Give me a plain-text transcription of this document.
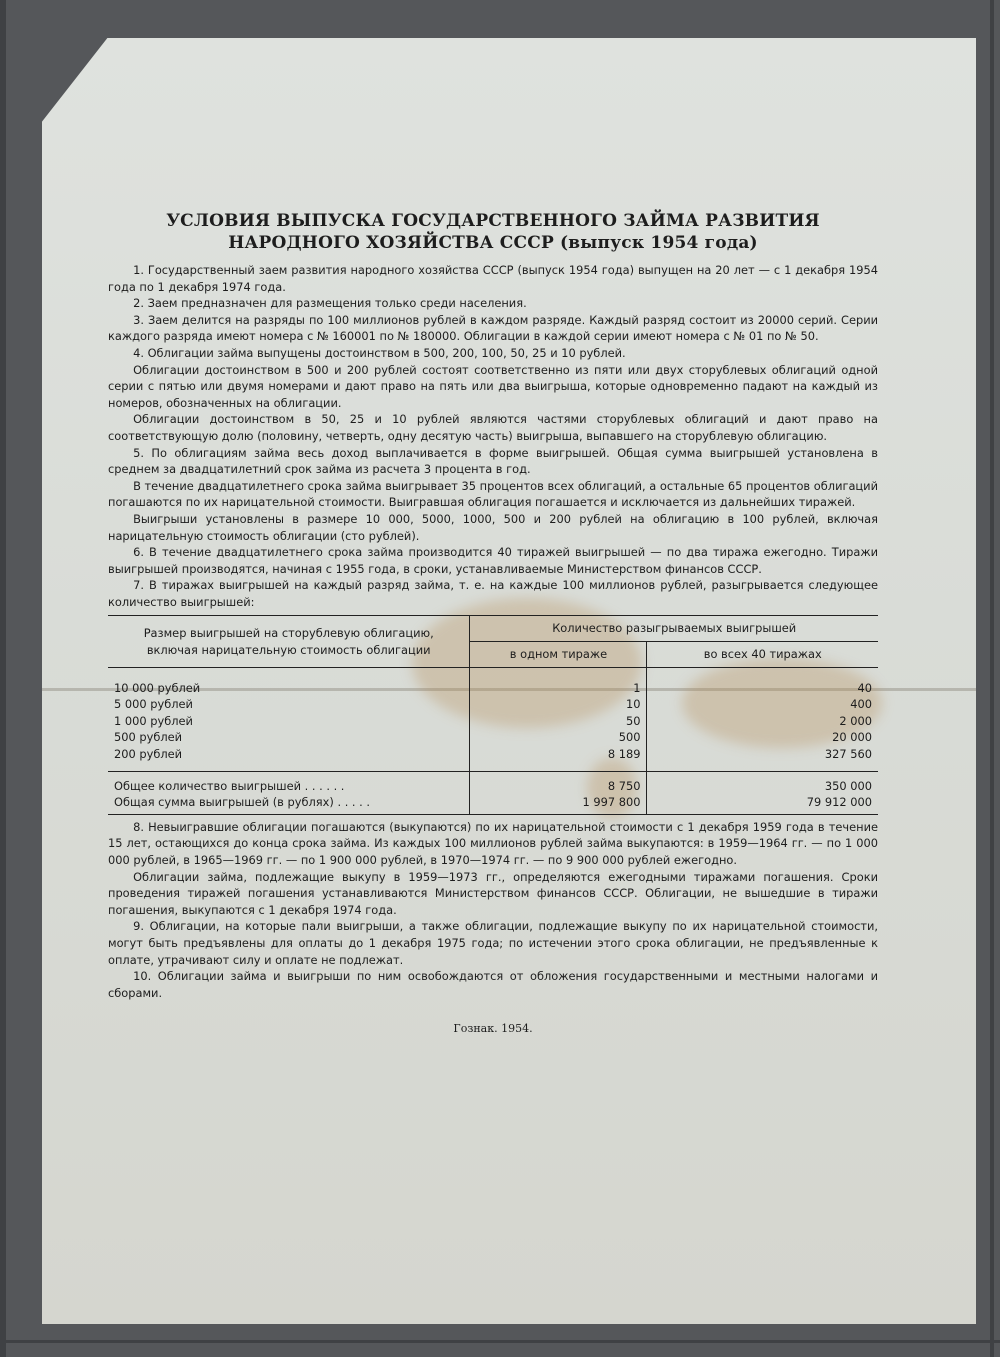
УСЛОВИЯ ВЫПУСКА ГОСУДАРСТВЕННОГО ЗАЙМА РАЗВИТИЯ
НАРОДНОГО ХОЗЯЙСТВА СССР (выпуск 1954 года)

1. Государственный заем развития народного хозяйства СССР (выпуск 1954 года) выпущен на 20 лет — с 1 декабря 1954 года по 1 декабря 1974 года.

2. Заем предназначен для размещения только среди населения.

3. Заем делится на разряды по 100 миллионов рублей в каждом разряде. Каждый разряд состоит из 20000 серий. Серии каждого разряда имеют номера с № 160001 по № 180000. Облигации в каждой серии имеют номера с № 01 по № 50.

4. Облигации займа выпущены достоинством в 500, 200, 100, 50, 25 и 10 рублей.

Облигации достоинством в 500 и 200 рублей состоят соответственно из пяти или двух сторублевых облигаций одной серии с пятью или двумя номерами и дают право на пять или два выигрыша, которые одновременно падают на каждый из номеров, обозначенных на облигации.

Облигации достоинством в 50, 25 и 10 рублей являются частями сторублевых облигаций и дают право на соответствующую долю (половину, четверть, одну десятую часть) выигрыша, выпавшего на сторублевую облигацию.

5. По облигациям займа весь доход выплачивается в форме выигрышей. Общая сумма выигрышей установлена в среднем за двадцатилетний срок займа из расчета 3 процента в год.

В течение двадцатилетнего срока займа выигрывает 35 процентов всех облигаций, а остальные 65 процентов облигаций погашаются по их нарицательной стоимости. Выигравшая облигация погашается и исключается из дальнейших тиражей.

Выигрыши установлены в размере 10 000, 5000, 1000, 500 и 200 рублей на облигацию в 100 рублей, включая нарицательную стоимость облигации (сто рублей).

6. В течение двадцатилетнего срока займа производится 40 тиражей выигрышей — по два тиража ежегодно. Тиражи выигрышей производятся, начиная с 1955 года, в сроки, устанавливаемые Министерством финансов СССР.

7. В тиражах выигрышей на каждый разряд займа, т. е. на каждые 100 миллионов рублей, разыгрывается следующее количество выигрышей:

Размер выигрышей на сторублевую облигацию,
включая нарицательную стоимость облигации	Количество разыгрываемых выигрышей	
	в одном тираже	во всех 40 тиражах
10 000 рублей	1	40
5 000 рублей	10	400
1 000 рублей	50	2 000
500 рублей	500	20 000
200 рублей	8 189	327 560
Общее количество выигрышей . . . . . .	8 750	350 000
Общая сумма выигрышей (в рублях) . . . . .	1 997 800	79 912 000

8. Невыигравшие облигации погашаются (выкупаются) по их нарицательной стоимости с 1 декабря 1959 года в течение 15 лет, остающихся до конца срока займа. Из каждых 100 миллионов рублей займа выкупаются: в 1959—1964 гг. — по 1 000 000 рублей, в 1965—1969 гг. — по 1 900 000 рублей, в 1970—1974 гг. — по 9 900 000 рублей ежегодно.

Облигации займа, подлежащие выкупу в 1959—1973 гг., определяются ежегодными тиражами погашения. Сроки проведения тиражей погашения устанавливаются Министерством финансов СССР. Облигации, не вышедшие в тиражи погашения, выкупаются с 1 декабря 1974 года.

9. Облигации, на которые пали выигрыши, а также облигации, подлежащие выкупу по их нарицательной стоимости, могут быть предъявлены для оплаты до 1 декабря 1975 года; по истечении этого срока облигации, не предъявленные к оплате, утрачивают силу и оплате не подлежат.

10. Облигации займа и выигрыши по ним освобождаются от обложения государственными и местными налогами и сборами.

Гознак. 1954.
